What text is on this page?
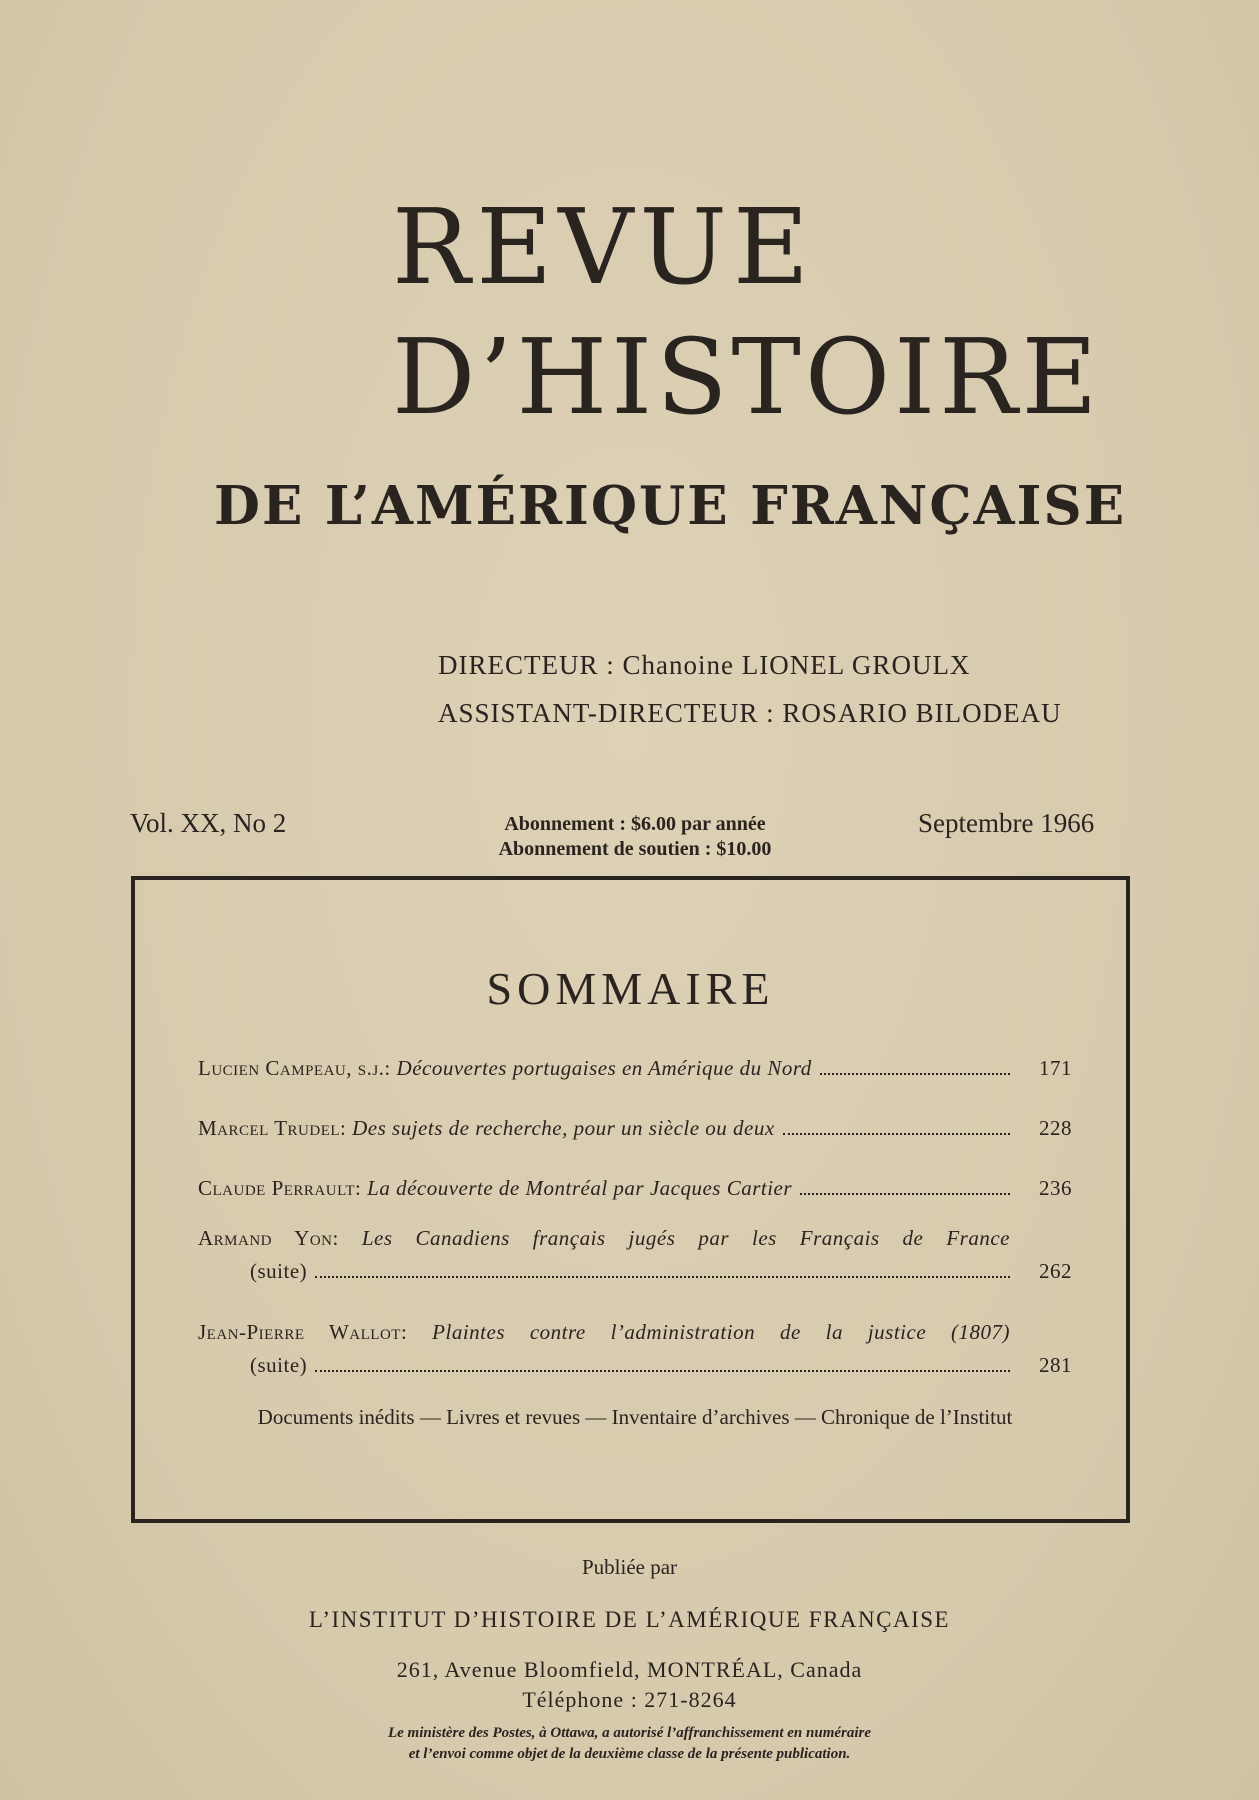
REVUE
D’HISTOIRE
DE L’AMÉRIQUE FRANÇAISE
DIRECTEUR : Chanoine LIONEL GROULX
ASSISTANT-DIRECTEUR : ROSARIO BILODEAU
Vol. XX, No 2	Abonnement : $6.00 par année
Abonnement de soutien : $10.00
Septembre 1966
SOMMAIRE
Lucien Campeau, s.j.: Découvertes portugaises en Amérique du Nord	171
Marcel Trudel: Des sujets de recherche, pour un siècle ou deux	228
Claude Perrault: La découverte de Montréal par Jacques Cartier	236
Armand Yon: Les Canadiens français jugés par les Français de France
(suite)	262
Jean-Pierre Wallot: Plaintes contre l’administration de la justice (1807)
(suite)	281
Documents inédits — Livres et revues — Inventaire d’archives — Chronique de l’Institut
Publiée par
L’INSTITUT D’HISTOIRE DE L’AMÉRIQUE FRANÇAISE
261, Avenue Bloomfield, MONTRÉAL, Canada
Téléphone : 271-8264
Le ministère des Postes, à Ottawa, a autorisé l’affranchissement en numéraire
et l’envoi comme objet de la deuxième classe de la présente publication.
